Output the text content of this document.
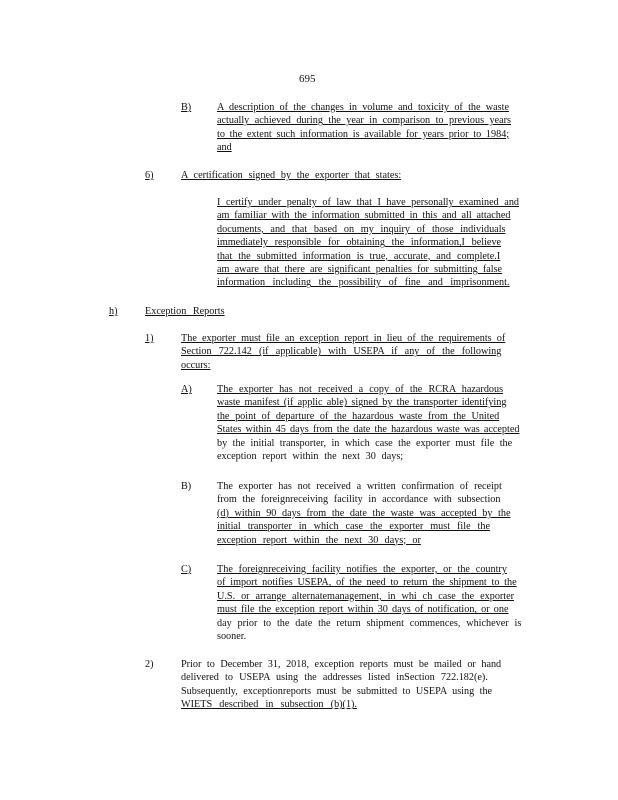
695
B)	A description of the changes in volume and toxicity of the waste
actually achieved during the year in comparison to previous years
to the extent such information is available for years prior to 1984;
and
6)	A certification signed by the exporter that states:
I certify under penalty of law that I have personally examined and
am familiar with the information submitted in this and all attached
documents, and that based on my inquiry of those individuals
immediately responsible for obtaining the information,I believe
that the submitted information is true, accurate, and complete.I
am aware that there are significant penalties for submitting false
information including the possibility of fine and imprisonment.
h)	Exception Reports
1)	The exporter must file an exception report in lieu of the requirements of
Section 722.142 (if applicable) with USEPA if any of the following
occurs:
A) The exporter has not received a copy of the RCRA hazardous
waste manifest (if applic able) signed by the transporter identifying
the point of departure of the hazardous waste from the United
States within 45 days from the date the hazardous waste was accepted
by the initial transporter, in which case the exporter must file the
exception report within the next 30 days;
B)	The exporter has not received a written confirmation of receipt
from the foreignreceiving facility in accordance with subsection
(d) within 90 days from the date the waste was accepted by the
initial transporter in which case the exporter must file the
exception report within the next 30 days; or
C)	The foreignreceiving facility notifies the exporter, or the country
of import notifies USEPA, of the need to return the shipment to the
U.S. or arrange alternatemanagement, in whi ch case the exporter
must file the exception report within 30 days of notification, or one
day prior to the date the return shipment commences, whichever is
sooner.
2)	Prior to December 31, 2018, exception reports must be mailed or hand
delivered to USEPA using the addresses listed inSection 722.182(e).
Subsequently, exceptionreports must be submitted to USEPA using the
WIETS described in subsection (b)(1).
